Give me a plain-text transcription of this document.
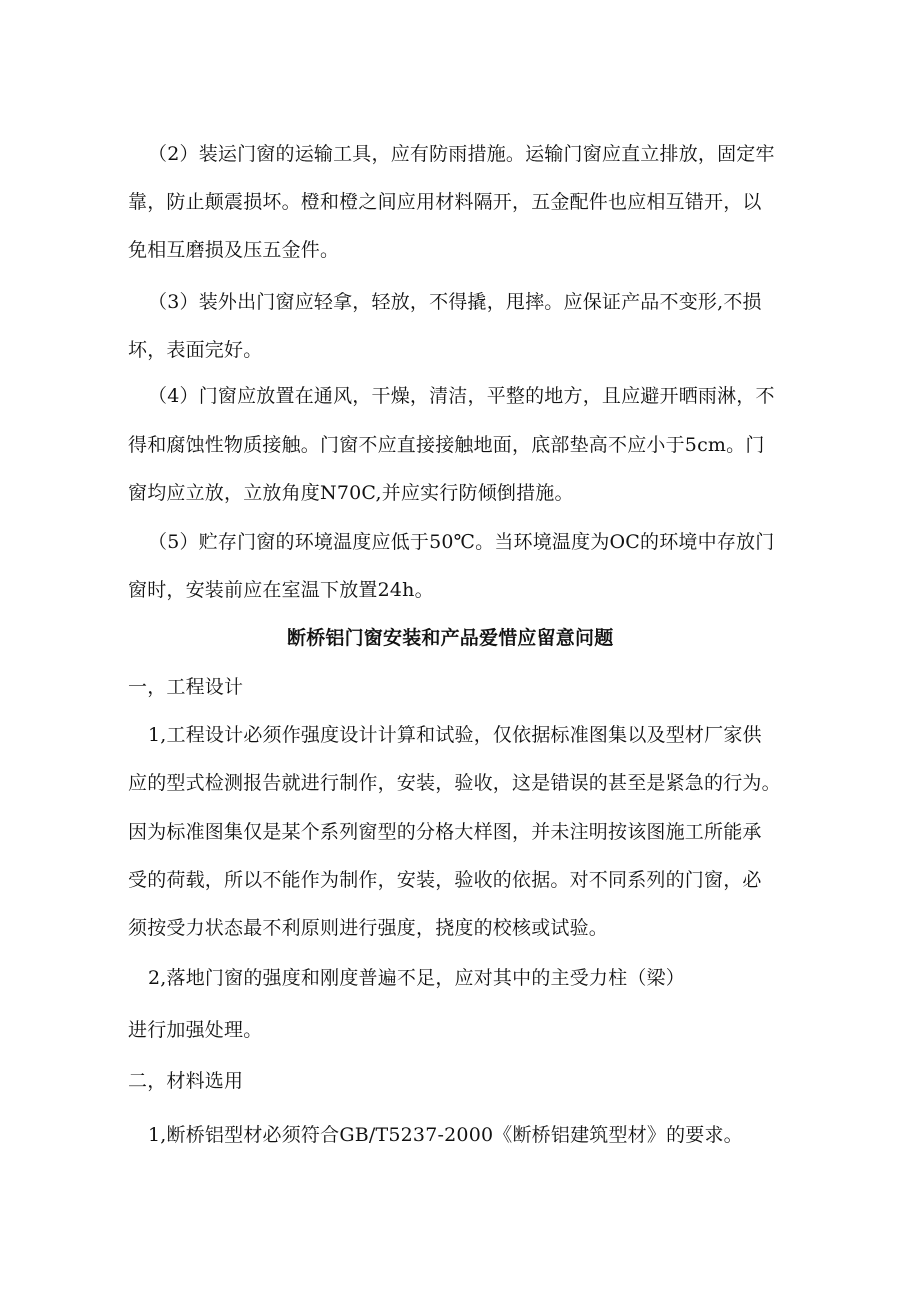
（2）装运门窗的运输工具，应有防雨措施。运输门窗应直立排放，固定牢
靠，防止颠震损坏。橙和橙之间应用材料隔开，五金配件也应相互错开，以
免相互磨损及压五金件。
（3）装外出门窗应轻拿，轻放，不得撬，甩摔。应保证产品不变形,不损
坏，表面完好。
（4）门窗应放置在通风，干燥，清洁，平整的地方，且应避开晒雨淋，不
得和腐蚀性物质接触。门窗不应直接接触地面，底部垫高不应小于5cm。门
窗均应立放，立放角度N70C,并应实行防倾倒措施。
（5）贮存门窗的环境温度应低于50℃。当环境温度为OC的环境中存放门
窗时，安装前应在室温下放置24h。
断桥铝门窗安装和产品爱惜应留意问题
一，工程设计
1,工程设计必须作强度设计计算和试验，仅依据标准图集以及型材厂家供
应的型式检测报告就进行制作，安装，验收，这是错误的甚至是紧急的行为。
因为标准图集仅是某个系列窗型的分格大样图，并未注明按该图施工所能承
受的荷载，所以不能作为制作，安装，验收的依据。对不同系列的门窗，必
须按受力状态最不利原则进行强度，挠度的校核或试验。
2,落地门窗的强度和刚度普遍不足，应对其中的主受力柱（梁）
进行加强处理。
二，材料选用
1,断桥铝型材必须符合GB/T5237-2000《断桥铝建筑型材》的要求。
